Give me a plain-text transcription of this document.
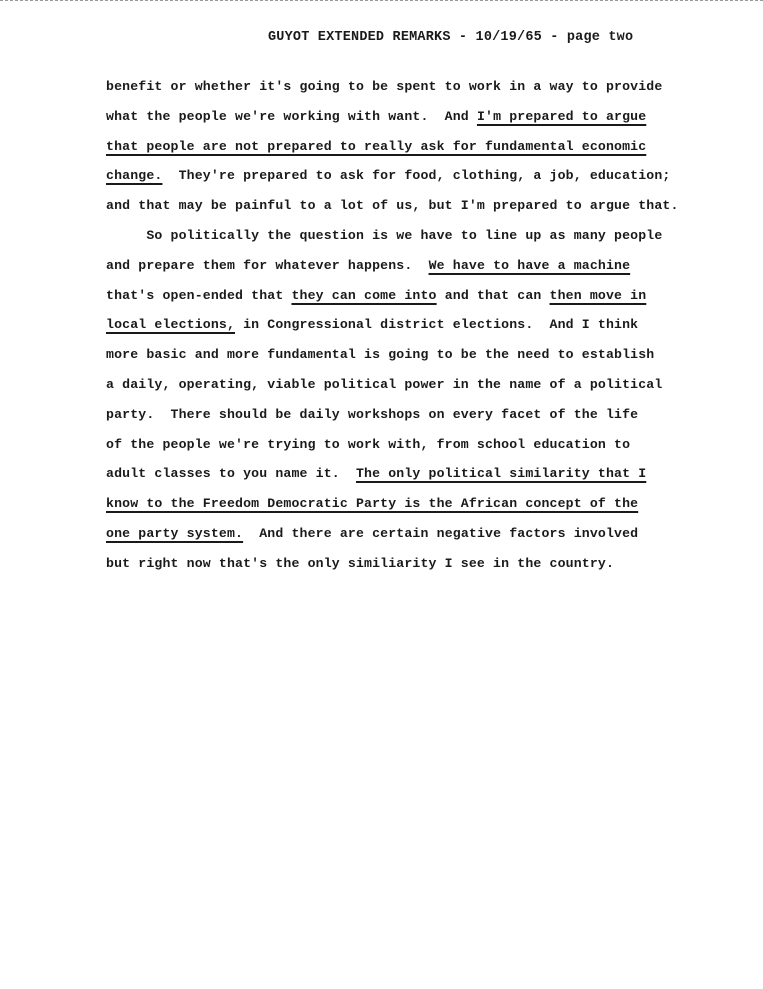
GUYOT EXTENDED REMARKS - 10/19/65 - page two
benefit or whether it's going to be spent to work in a way to provide
what the people we're working with want.  And I'm prepared to argue
that people are not prepared to really ask for fundamental economic
change.  They're prepared to ask for food, clothing, a job, education;
and that may be painful to a lot of us, but I'm prepared to argue that.
So politically the question is we have to line up as many people
and prepare them for whatever happens.  We have to have a machine
that's open-ended that they can come into and that can then move in
local elections, in Congressional district elections.  And I think
more basic and more fundamental is going to be the need to establish
a daily, operating, viable political power in the name of a political
party.  There should be daily workshops on every facet of the life
of the people we're trying to work with, from school education to
adult classes to you name it.  The only political similarity that I
know to the Freedom Democratic Party is the African concept of the
one party system.  And there are certain negative factors involved
but right now that's the only similiarity I see in the country.
